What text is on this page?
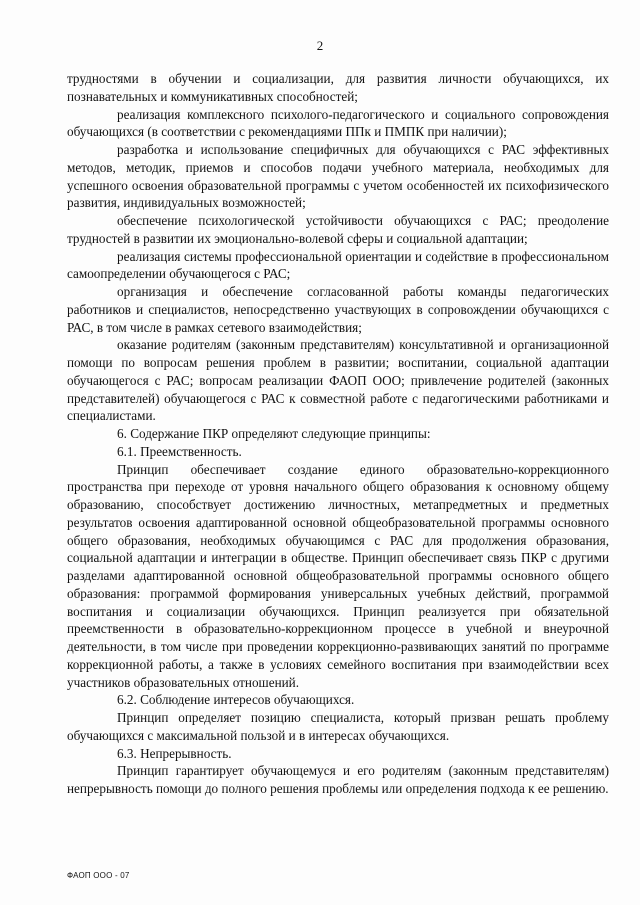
2

трудностями в обучении и социализации, для развития личности обучающихся, их познавательных и коммуникативных способностей;

реализация комплексного психолого-педагогического и социального сопровождения обучающихся (в соответствии с рекомендациями ППк и ПМПК при наличии);

разработка и использование специфичных для обучающихся с РАС эффективных методов, методик, приемов и способов подачи учебного материала, необходимых для успешного освоения образовательной программы с учетом особенностей их психофизического развития, индивидуальных возможностей;

обеспечение психологической устойчивости обучающихся с РАС; преодоление трудностей в развитии их эмоционально-волевой сферы и социальной адаптации;

реализация системы профессиональной ориентации и содействие в профессиональном самоопределении обучающегося с РАС;

организация и обеспечение согласованной работы команды педагогических работников и специалистов, непосредственно участвующих в сопровождении обучающихся с РАС, в том числе в рамках сетевого взаимодействия;

оказание родителям (законным представителям) консультативной и организационной помощи по вопросам решения проблем в развитии; воспитании, социальной адаптации обучающегося с РАС; вопросам реализации ФАОП ООО; привлечение родителей (законных представителей) обучающегося с РАС к совместной работе с педагогическими работниками и специалистами.

6. Содержание ПКР определяют следующие принципы:

6.1. Преемственность.

Принцип обеспечивает создание единого образовательно-коррекционного пространства при переходе от уровня начального общего образования к основному общему образованию, способствует достижению личностных, метапредметных и предметных результатов освоения адаптированной основной общеобразовательной программы основного общего образования, необходимых обучающимся с РАС для продолжения образования, социальной адаптации и интеграции в обществе. Принцип обеспечивает связь ПКР с другими разделами адаптированной основной общеобразовательной программы основного общего образования: программой формирования универсальных учебных действий, программой воспитания и социализации обучающихся. Принцип реализуется при обязательной преемственности в образовательно-коррекционном процессе в учебной и внеурочной деятельности, в том числе при проведении коррекционно-развивающих занятий по программе коррекционной работы, а также в условиях семейного воспитания при взаимодействии всех участников образовательных отношений.

6.2. Соблюдение интересов обучающихся.

Принцип определяет позицию специалиста, который призван решать проблему обучающихся с максимальной пользой и в интересах обучающихся.

6.3. Непрерывность.

Принцип гарантирует обучающемуся и его родителям (законным представителям) непрерывность помощи до полного решения проблемы или определения подхода к ее решению.

ФАОП ООО - 07
